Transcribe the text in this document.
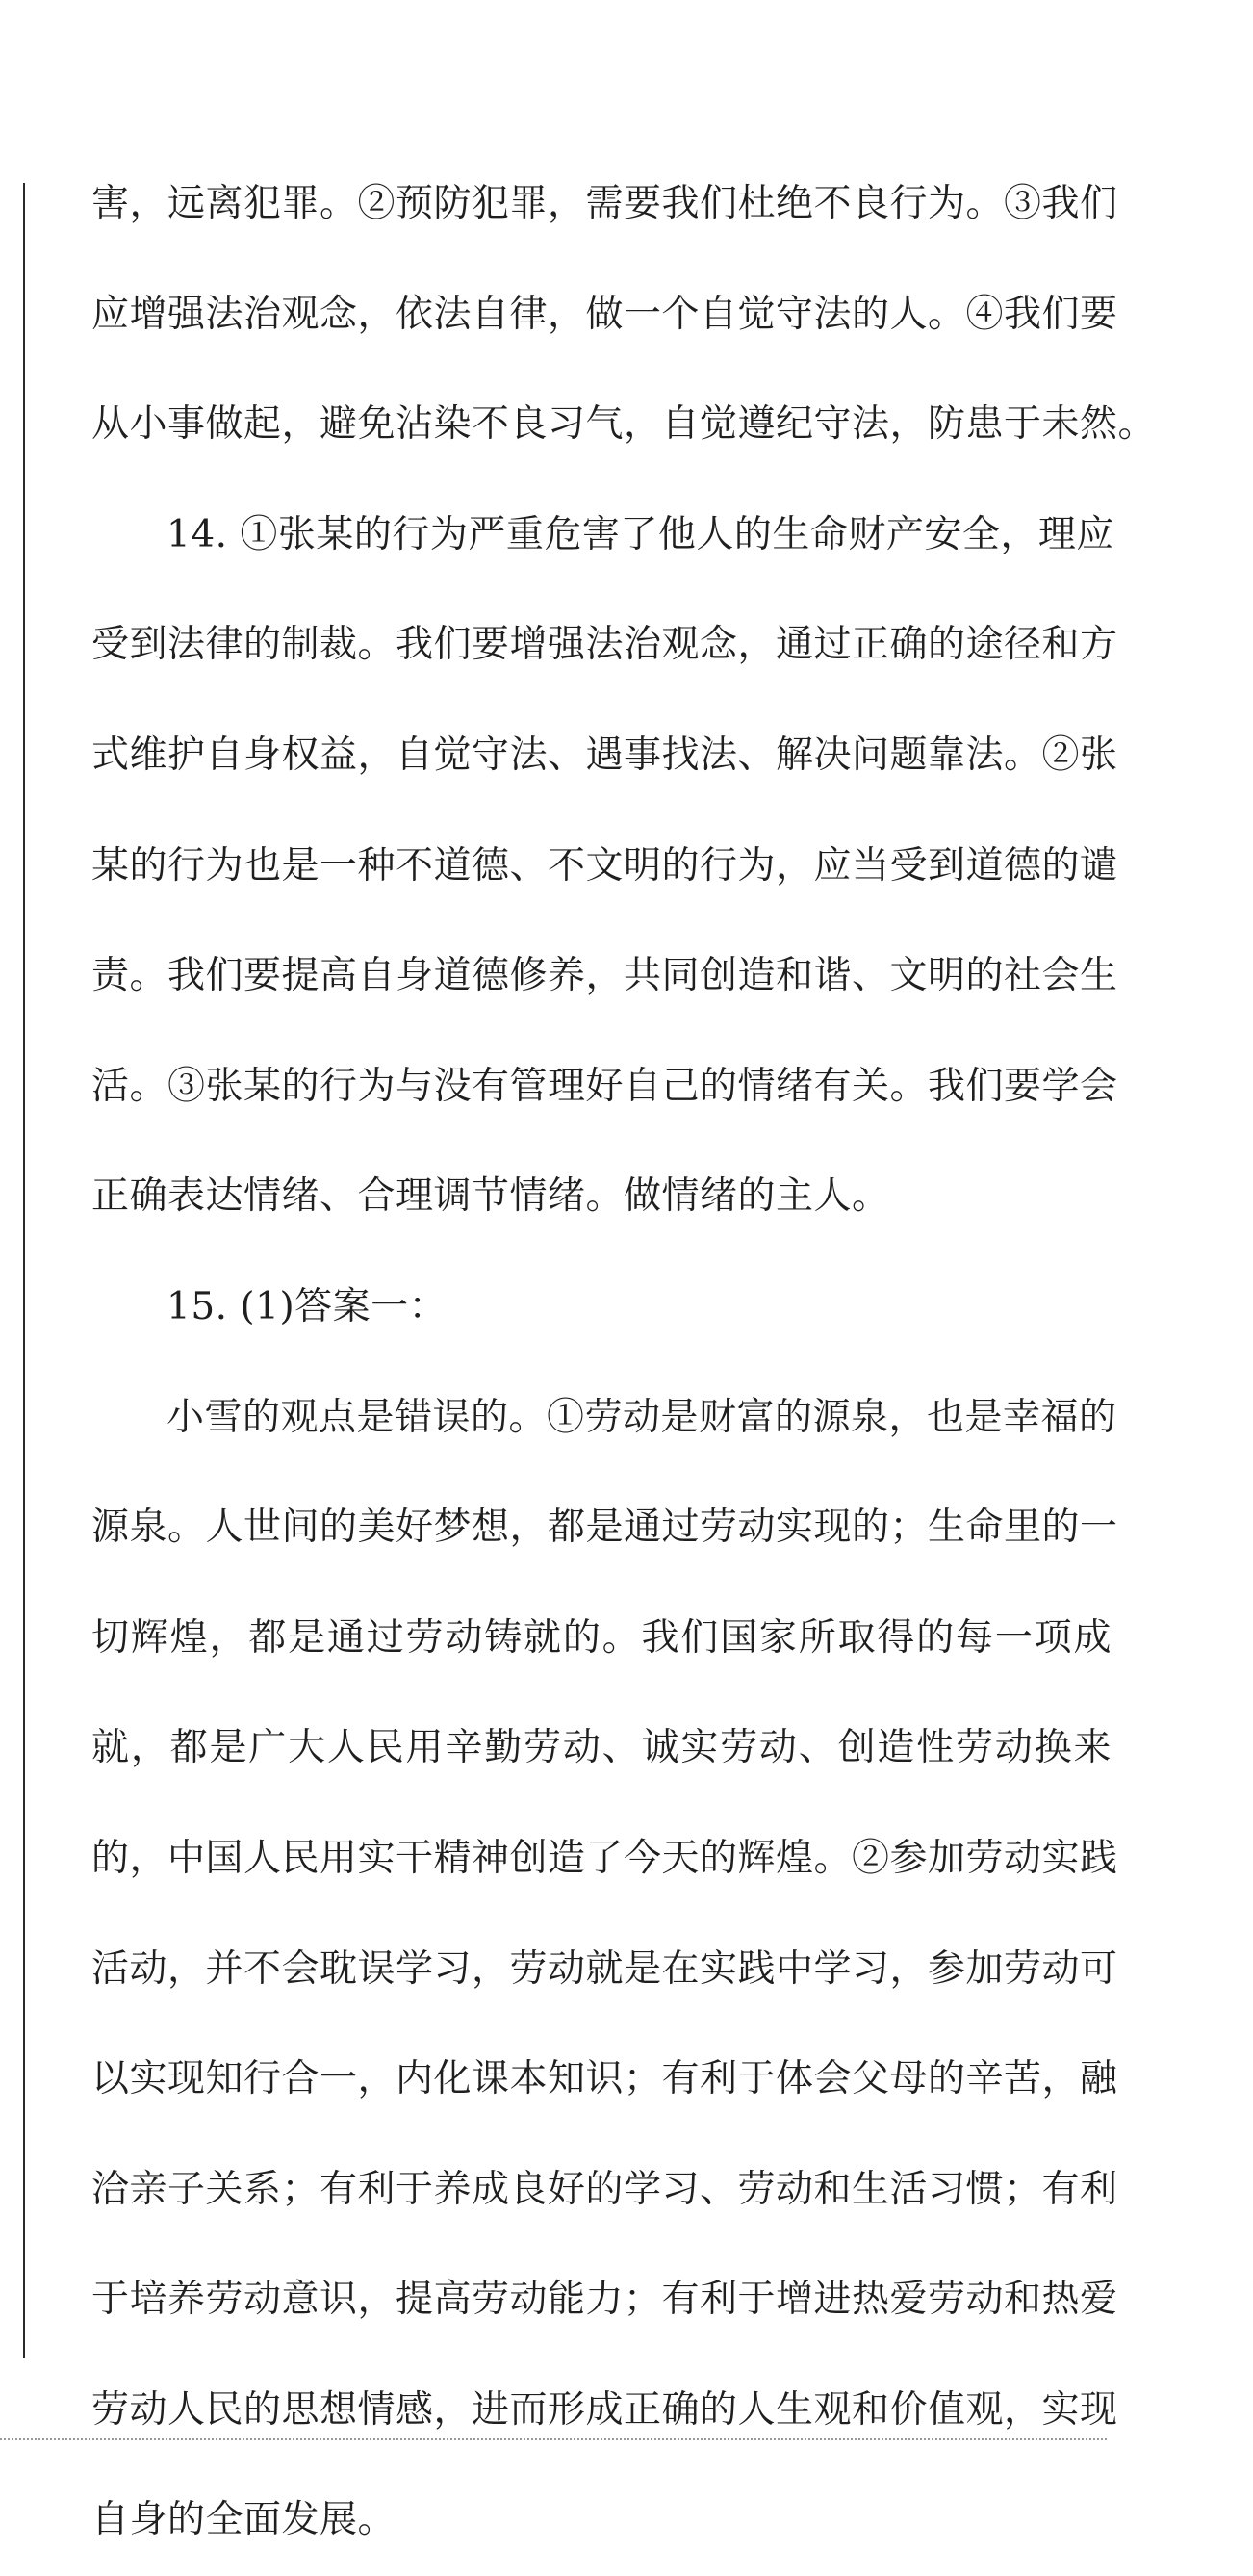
害，远离犯罪。②预防犯罪，需要我们杜绝不良行为。③我们
应增强法治观念，依法自律，做一个自觉守法的人。④我们要
从小事做起，避免沾染不良习气，自觉遵纪守法，防患于未然。
14. ①张某的行为严重危害了他人的生命财产安全，理应
受到法律的制裁。我们要增强法治观念，通过正确的途径和方
式维护自身权益，自觉守法、遇事找法、解决问题靠法。②张
某的行为也是一种不道德、不文明的行为，应当受到道德的谴
责。我们要提高自身道德修养，共同创造和谐、文明的社会生
活。③张某的行为与没有管理好自己的情绪有关。我们要学会
正确表达情绪、合理调节情绪。做情绪的主人。
15. (1)答案一：
小雪的观点是错误的。①劳动是财富的源泉，也是幸福的
源泉。人世间的美好梦想，都是通过劳动实现的；生命里的一
切辉煌，都是通过劳动铸就的。我们国家所取得的每一项成
就，都是广大人民用辛勤劳动、诚实劳动、创造性劳动换来
的，中国人民用实干精神创造了今天的辉煌。②参加劳动实践
活动，并不会耽误学习，劳动就是在实践中学习，参加劳动可
以实现知行合一，内化课本知识；有利于体会父母的辛苦，融
洽亲子关系；有利于养成良好的学习、劳动和生活习惯；有利
于培养劳动意识，提高劳动能力；有利于增进热爱劳动和热爱
劳动人民的思想情感，进而形成正确的人生观和价值观，实现
自身的全面发展。
